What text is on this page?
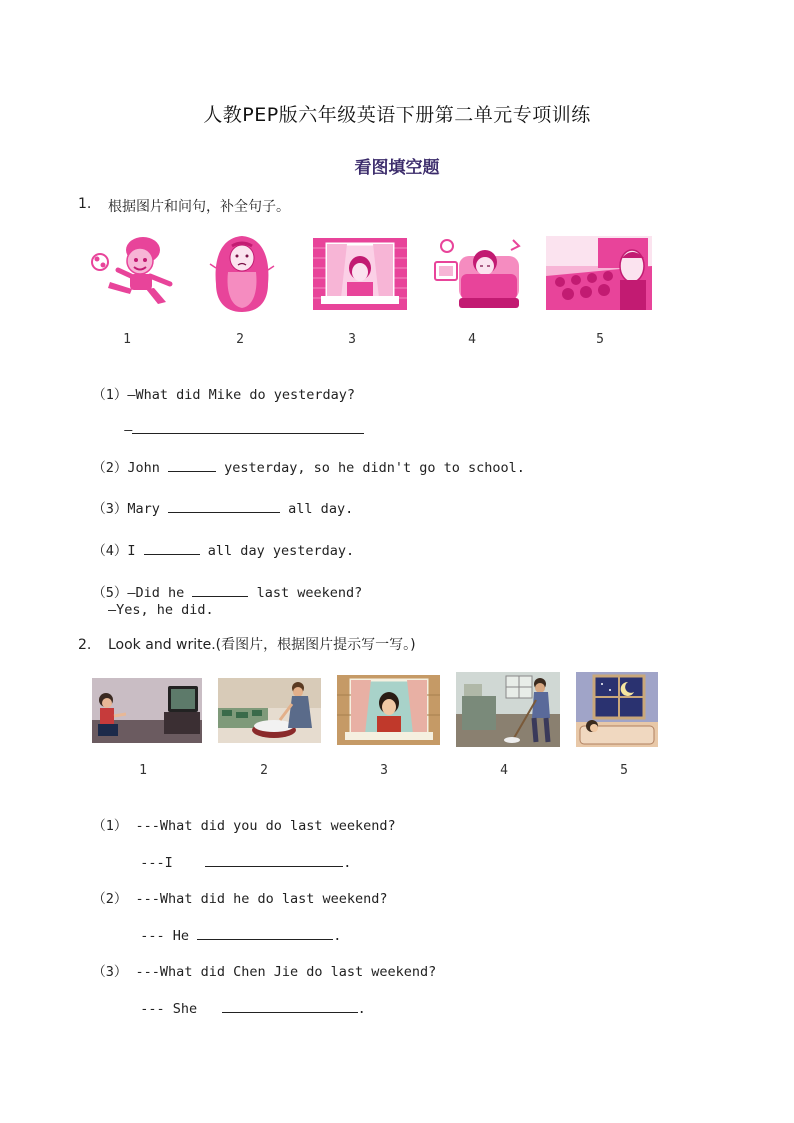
人教PEP版六年级英语下册第二单元专项训练
看图填空题
1. 根据图片和问句，补全句子。
1	2	3	4	5

（1）—What did Mike do yesterday?

—

（2）John	yesterday, so he didn't go to school.

（3）Mary	all day.

（4）I	all day yesterday.

（5）—Did he	last weekend?

—Yes, he did.
2. Look and write.(看图片，根据图片提示写一写。)
1	2	3	4	5

（1） ---What did you do last weekend?

---I	.

（2） ---What did he do last weekend?

--- He	.

（3） ---What did Chen Jie do last weekend?

--- She	.
